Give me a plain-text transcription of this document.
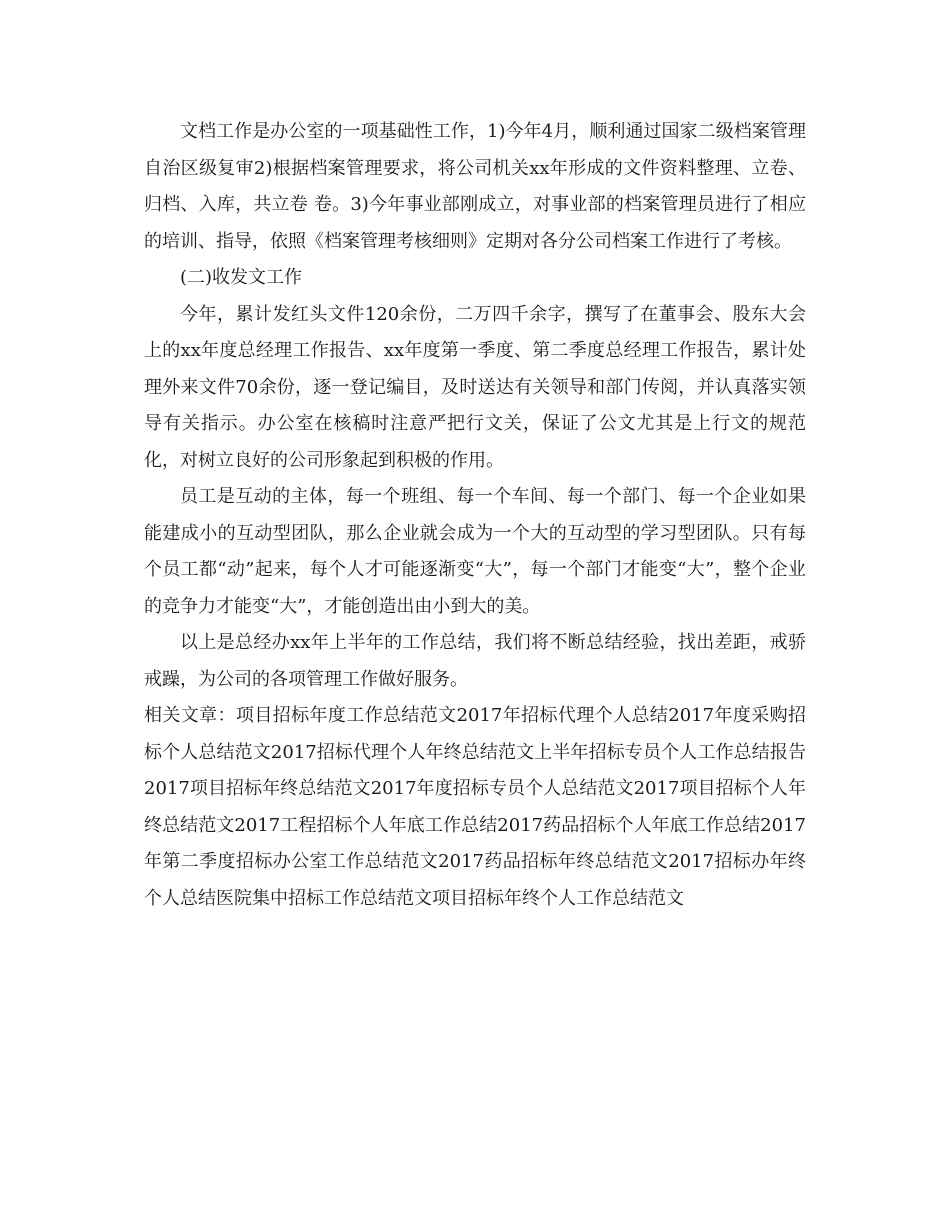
文档工作是办公室的一项基础性工作，1)今年4月，顺利通过国家二级档案管理自治区级复审2)根据档案管理要求，将公司机关xx年形成的文件资料整理、立卷、归档、入库，共立卷 卷。3)今年事业部刚成立，对事业部的档案管理员进行了相应的培训、指导，依照《档案管理考核细则》定期对各分公司档案工作进行了考核。

(二)收发文工作

今年，累计发红头文件120余份，二万四千余字，撰写了在董事会、股东大会上的xx年度总经理工作报告、xx年度第一季度、第二季度总经理工作报告，累计处理外来文件70余份，逐一登记编目，及时送达有关领导和部门传阅，并认真落实领导有关指示。办公室在核稿时注意严把行文关，保证了公文尤其是上行文的规范化，对树立良好的公司形象起到积极的作用。

员工是互动的主体，每一个班组、每一个车间、每一个部门、每一个企业如果能建成小的互动型团队，那么企业就会成为一个大的互动型的学习型团队。只有每个员工都“动”起来，每个人才可能逐渐变“大”，每一个部门才能变“大”，整个企业的竞争力才能变“大”，才能创造出由小到大的美。

以上是总经办xx年上半年的工作总结，我们将不断总结经验，找出差距，戒骄戒躁，为公司的各项管理工作做好服务。

相关文章：项目招标年度工作总结范文2017年招标代理个人总结2017年度采购招标个人总结范文2017招标代理个人年终总结范文上半年招标专员个人工作总结报告2017项目招标年终总结范文2017年度招标专员个人总结范文2017项目招标个人年终总结范文2017工程招标个人年底工作总结2017药品招标个人年底工作总结2017年第二季度招标办公室工作总结范文2017药品招标年终总结范文2017招标办年终个人总结医院集中招标工作总结范文项目招标年终个人工作总结范文
